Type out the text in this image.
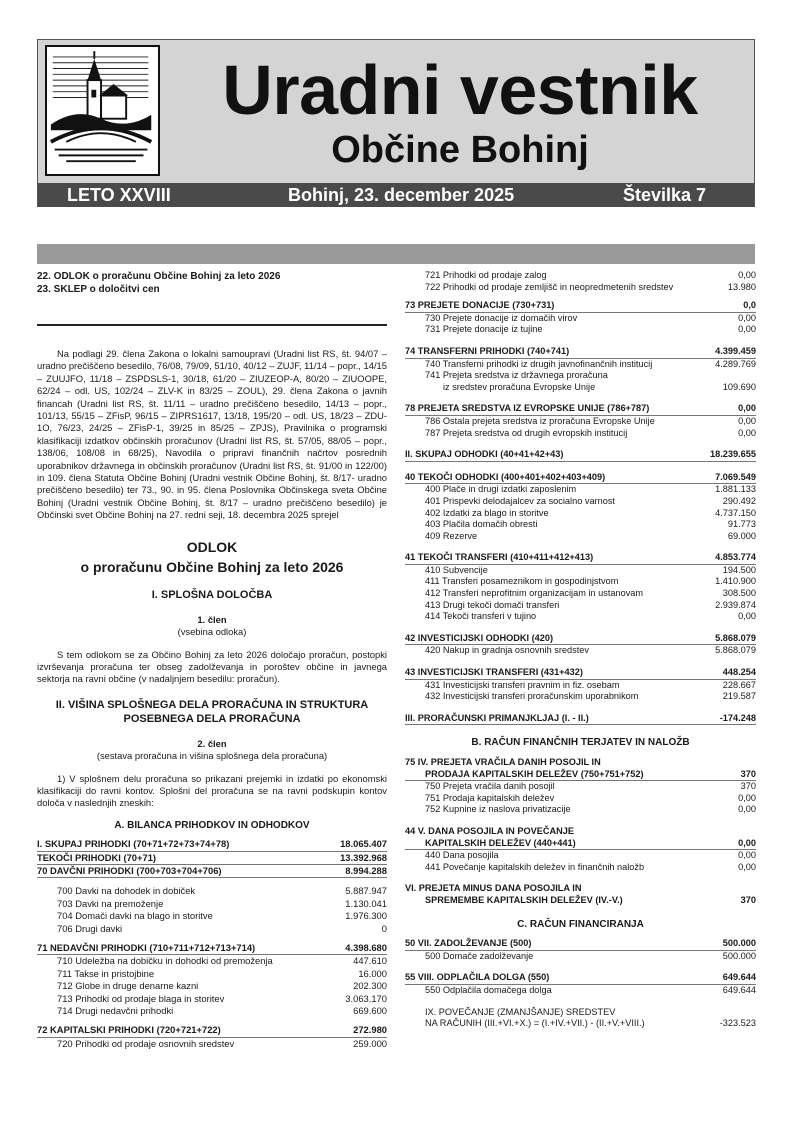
Uradni vestnik
Občine Bohinj
LETO XXVIII	Bohinj, 23. december 2025	Številka 7
22. ODLOK o proračunu Občine Bohinj za leto 2026
23. SKLEP o določitvi cen
Na podlagi 29. člena Zakona o lokalni samoupravi (Uradni list RS, št. 94/07 – uradno prečiščeno besedilo, 76/08, 79/09, 51/10, 40/12 – ZUJF, 11/14 – popr., 14/15 – ZUUJFO, 11/18 – ZSPDSLS-1, 30/18, 61/20 – ZIUZEOP-A, 80/20 – ZIUOOPE, 62/24 – odl. US, 102/24 – ZLV-K in 83/25 – ZOUL), 29. člena Zakona o javnih financah (Uradni list RS, št. 11/11 – uradno prečiščeno besedilo, 14/13 – popr., 101/13, 55/15 – ZFisP, 96/15 – ZIPRS1617, 13/18, 195/20 – odl. US, 18/23 – ZDU-1O, 76/23, 24/25 – ZFisP-1, 39/25 in 85/25 – ZPJS), Pravilnika o programski klasifikaciji izdatkov občinskih proračunov (Uradni list RS, št. 57/05, 88/05 – popr., 138/06, 108/08 in 68/25), Navodila o pripravi finančnih načrtov posrednih uporabnikov državnega in občinskih proračunov (Uradni list RS, št. 91/00 in 122/00) in 109. člena Statuta Občine Bohinj (Uradni vestnik Občine Bohinj, št. 8/17- uradno prečiščeno besedilo) ter 73., 90. in 95. člena Poslovnika Občinskega sveta Občine Bohinj (Uradni vestnik Občine Bohinj, št. 8/17 – uradno prečiščeno besedilo) je Občinski svet Občine Bohinj na 27. redni seji, 18. decembra 2025 sprejel
ODLOK
o proračunu Občine Bohinj za leto 2026
I. SPLOŠNA DOLOČBA
1. člen
(vsebina odloka)
S tem odlokom se za Občino Bohinj za leto 2026 določajo proračun, postopki izvrševanja proračuna ter obseg zadolževanja in poroštev občine in javnega sektorja na ravni občine (v nadaljnjem besedilu: proračun).
II. VIŠINA SPLOŠNEGA DELA PRORAČUNA IN STRUKTURA
POSEBNEGA DELA PRORAČUNA
2. člen
(sestava proračuna in višina splošnega dela proračuna)
1) V splošnem delu proračuna so prikazani prejemki in izdatki po ekonomski klasifikaciji do ravni kontov. Splošni del proračuna se na ravni podskupin kontov določa v naslednjih zneskih:
A. BILANCA PRIHODKOV IN ODHODKOV
I. SKUPAJ PRIHODKI (70+71+72+73+74+78)	18.065.407
TEKOČI PRIHODKI (70+71)	13.392.968
70 DAVČNI PRIHODKI (700+703+704+706)	8.994.288
700 Davki na dohodek in dobiček	5.887.947
703 Davki na premoženje	1.130.041
704 Domači davki na blago in storitve	1.976.300
706 Drugi davki	0
71 NEDAVČNI PRIHODKI (710+711+712+713+714)	4.398.680
710 Udeležba na dobičku in dohodki od premoženja	447.610
711 Takse in pristojbine	16.000
712 Globe in druge denarne kazni	202.300
713 Prihodki od prodaje blaga in storitev	3.063.170
714 Drugi nedavčni prihodki	669.600
72 KAPITALSKI PRIHODKI (720+721+722)	272.980
720 Prihodki od prodaje osnovnih sredstev	259.000
721 Prihodki od prodaje zalog	0,00
722 Prihodki od prodaje zemljišč in neopredmetenih sredstev	13.980
73 PREJETE DONACIJE (730+731)	0,0
730 Prejete donacije iz domačih virov	0,00
731 Prejete donacije iz tujine	0,00
74 TRANSFERNI PRIHODKI (740+741)	4.399.459
740 Transferni prihodki iz drugih javnofinančnih institucij	4.289.769
741 Prejeta sredstva iz državnega proračuna
iz sredstev proračuna Evropske Unije	109.690
78 PREJETA SREDSTVA IZ EVROPSKE UNIJE (786+787)	0,00
786 Ostala prejeta sredstva iz proračuna Evropske Unije	0,00
787 Prejeta sredstva od drugih evropskih institucij	0,00
II. SKUPAJ ODHODKI (40+41+42+43)	18.239.655
40 TEKOČI ODHODKI (400+401+402+403+409)	7.069.549
400 Plače in drugi izdatki zaposlenim	1.881.133
401 Prispevki delodajalcev za socialno varnost	290.492
402 Izdatki za blago in storitve	4.737.150
403 Plačila domačih obresti	91.773
409 Rezerve	69.000
41 TEKOČI TRANSFERI (410+411+412+413)	4.853.774
410 Subvencije	194.500
411 Transferi posameznikom in gospodinjstvom	1.410.900
412 Transferi neprofitnim organizacijam in ustanovam	308.500
413 Drugi tekoči domači transferi	2.939.874
414 Tekoči transferi v tujino	0,00
42 INVESTICIJSKI ODHODKI (420)	5.868.079
420 Nakup in gradnja osnovnih sredstev	5.868.079
43 INVESTICIJSKI TRANSFERI (431+432)	448.254
431 Investicijski transferi pravnim in fiz. osebam	228.667
432 Investicijski transferi proračunskim uporabnikom	219.587
III. PRORAČUNSKI PRIMANJKLJAJ (I. - II.)	-174.248
B. RAČUN FINANČNIH TERJATEV IN NALOŽB
75 IV. PREJETA VRAČILA DANIH POSOJIL IN
PRODAJA KAPITALSKIH DELEŽEV (750+751+752)	370
750 Prejeta vračila danih posojil	370
751 Prodaja kapitalskih deležev	0,00
752 Kupnine iz naslova privatizacije	0,00
44 V. DANA POSOJILA IN POVEČANJE
KAPITALSKIH DELEŽEV (440+441)	0,00
440 Dana posojila	0,00
441 Povečanje kapitalskih deležev in finančnih naložb	0,00
VI. PREJETA MINUS DANA POSOJILA IN
SPREMEMBE KAPITALSKIH DELEŽEV (IV.-V.)	370
C. RAČUN FINANCIRANJA
50 VII. ZADOLŽEVANJE (500)	500.000
500 Domače zadolževanje	500.000
55 VIII. ODPLAČILA DOLGA (550)	649.644
550 Odplačila domačega dolga	649.644
IX. POVEČANJE (ZMANJŠANJE) SREDSTEV
NA RAČUNIH (III.+VI.+X.) = (I.+IV.+VII.) - (II.+V.+VIII.)	-323.523
